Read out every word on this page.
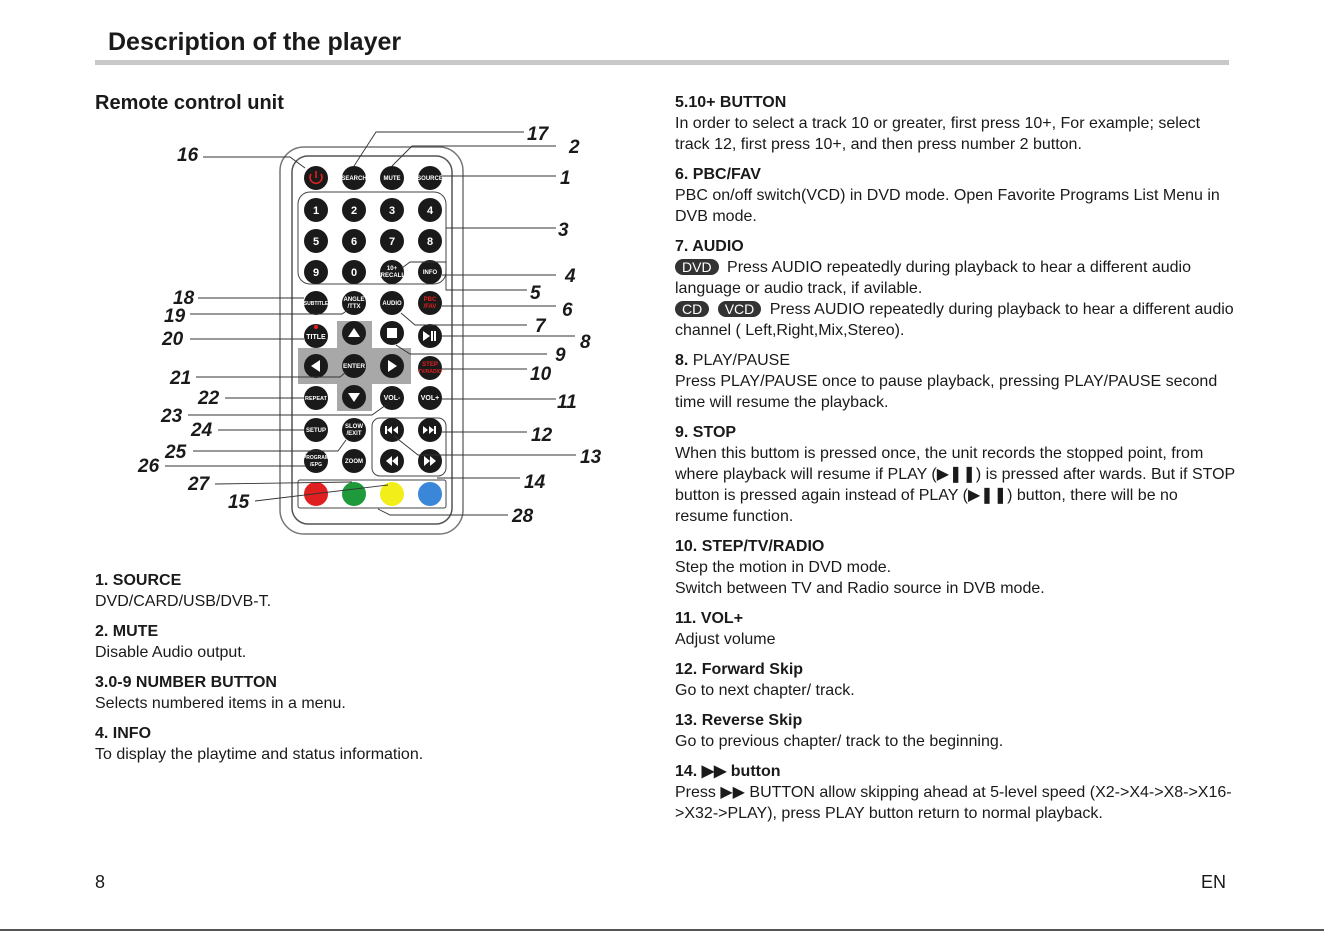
Description of the player
Remote control unit
SEARCH	MUTE	SOURCE
1	2	3	4
5	6	7	8
9	0	10+
/RECALL	INFO
SUBTITLE
ANGLE
/TTX	AUDIO
PBC
/FAV
TITLE
ENTER	STEP
TV/RADIO
REPEAT	VOL-	VOL+
SETUP
SLOW
/EXIT
PROGRAM
/EPG	ZOOM
1
2
3
4
5
6
7
8
9
10
11
12
13
14
15
16
17
18
19
20
21
22
23
24
25
26
27
28
1. SOURCE
DVD/CARD/USB/DVB-T.
2. MUTE
Disable Audio output.
3.0-9 NUMBER BUTTON
Selects numbered items in a menu.
4. INFO
To display the playtime and status information.
5.10+ BUTTON
In order to select a track 10 or greater, first press 10+, For example; select track 12, first press 10+, and then press number 2 button.
6. PBC/FAV
PBC on/off switch(VCD) in DVD mode. Open Favorite Programs List Menu in DVB mode.
7. AUDIO
DVD Press AUDIO repeatedly during playback to hear a different audio language or audio track, if avilable.
CD VCD Press AUDIO repeatedly during playback to hear a different audio channel ( Left,Right,Mix,Stereo).
8. PLAY/PAUSE
Press PLAY/PAUSE once to pause playback, pressing PLAY/PAUSE second time will resume the playback.
9. STOP
When this buttom is pressed once, the unit records the stopped point, from where playback will resume if PLAY (▶❚❚) is pressed after wards. But if STOP button is pressed again instead of PLAY (▶❚❚) button, there will be no resume function.
10. STEP/TV/RADIO
Step the motion in DVD mode.
Switch between TV and Radio source in DVB mode.
11. VOL+
Adjust volume
12. Forward Skip
Go to next chapter/ track.
13. Reverse Skip
Go to previous chapter/ track to the beginning.
14. ▶▶ button
Press ▶▶ BUTTON allow skipping ahead at 5-level speed (X2->X4->X8->X16->X32->PLAY), press PLAY button return to normal playback.
8	EN
